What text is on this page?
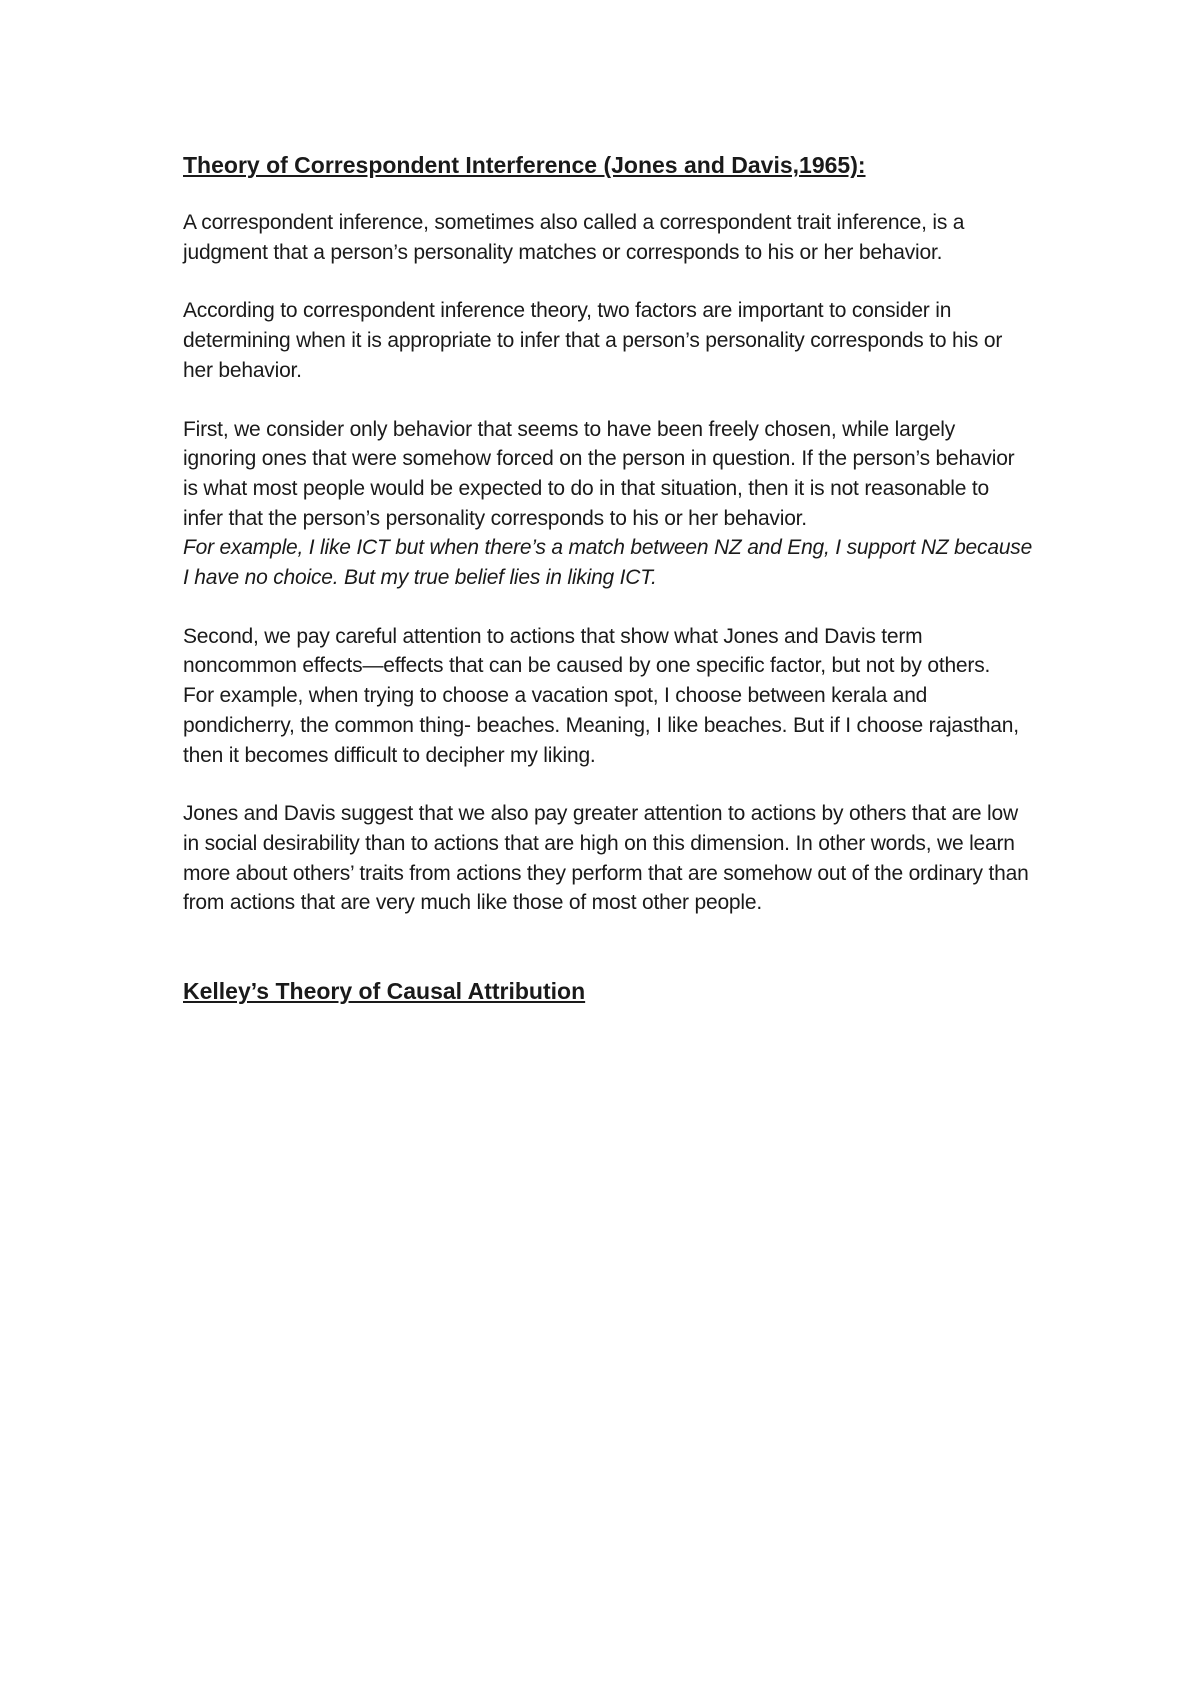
Theory of Correspondent Interference (Jones and Davis,1965):

A correspondent inference, sometimes also called a correspondent trait inference, is a judgment that a person’s personality matches or corresponds to his or her behavior.

According to correspondent inference theory, two factors are important to consider in determining when it is appropriate to infer that a person’s personality corresponds to his or her behavior.

First, we consider only behavior that seems to have been freely chosen, while largely ignoring ones that were somehow forced on the person in question. If the person’s behavior is what most people would be expected to do in that situation, then it is not reasonable to infer that the person’s personality corresponds to his or her behavior.

For example, I like ICT but when there’s a match between NZ and Eng, I support NZ because I have no choice. But my true belief lies in liking ICT.

Second, we pay careful attention to actions that show what Jones and Davis term noncommon effects—effects that can be caused by one specific factor, but not by others.

For example, when trying to choose a vacation spot, I choose between kerala and pondicherry, the common thing- beaches. Meaning, I like beaches. But if I choose rajasthan, then it becomes difficult to decipher my liking.

Jones and Davis suggest that we also pay greater attention to actions by others that are low in social desirability than to actions that are high on this dimension. In other words, we learn more about others’ traits from actions they perform that are somehow out of the ordinary than from actions that are very much like those of most other people.

Kelley’s Theory of Causal Attribution
